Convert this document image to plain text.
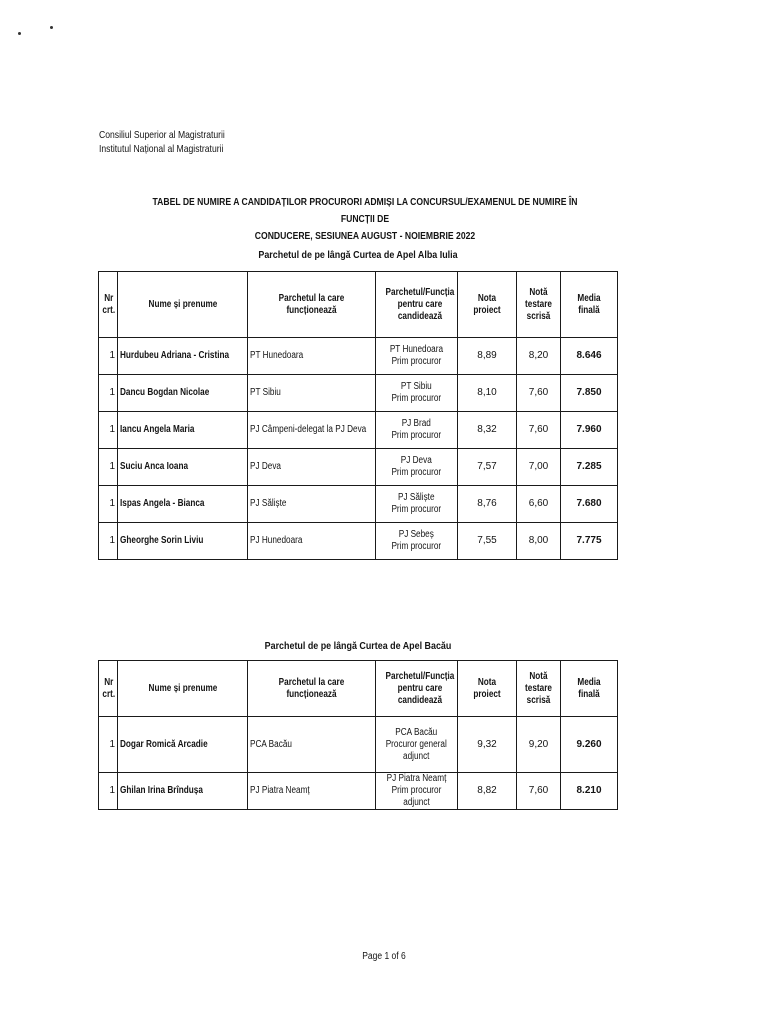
Consiliul Superior al Magistraturii
Institutul Național al Magistraturii
TABEL DE NUMIRE A CANDIDAȚILOR PROCURORI ADMIȘI LA CONCURSUL/EXAMENUL DE NUMIRE ÎN FUNCȚII DE
CONDUCERE, SESIUNEA AUGUST - NOIEMBRIE 2022
Parchetul de pe lângă Curtea de Apel Alba Iulia
Nr crt.	Nume și prenume	Parchetul la care funcționează	Parchetul/Funcția pentru care candidează	Nota proiect	Notă testare scrisă	Media finală
1	Hurdubeu Adriana - Cristina	PT Hunedoara	PT Hunedoara
Prim procuror	8,89	8,20	8.646
1	Dancu Bogdan Nicolae	PT Sibiu	PT Sibiu
Prim procuror	8,10	7,60	7.850
1	Iancu Angela Maria	PJ Câmpeni-delegat la PJ Deva	PJ Brad
Prim procuror	8,32	7,60	7.960
1	Suciu Anca Ioana	PJ Deva	PJ Deva
Prim procuror	7,57	7,00	7.285
1	Ispas Angela - Bianca	PJ Săliște	PJ Săliște
Prim procuror	8,76	6,60	7.680
1	Gheorghe Sorin Liviu	PJ Hunedoara	PJ Sebeș
Prim procuror	7,55	8,00	7.775
Parchetul de pe lângă Curtea de Apel Bacău
Nr crt.	Nume și prenume	Parchetul la care funcționează	Parchetul/Funcția pentru care candidează	Nota proiect	Notă testare scrisă	Media finală
1	Dogar Romică Arcadie	PCA Bacău	PCA Bacău
Procuror general
adjunct	9,32	9,20	9.260
1	Ghilan Irina Brîndușa	PJ Piatra Neamț	PJ Piatra Neamț
Prim procuror adjunct	8,82	7,60	8.210
Page 1 of 6
